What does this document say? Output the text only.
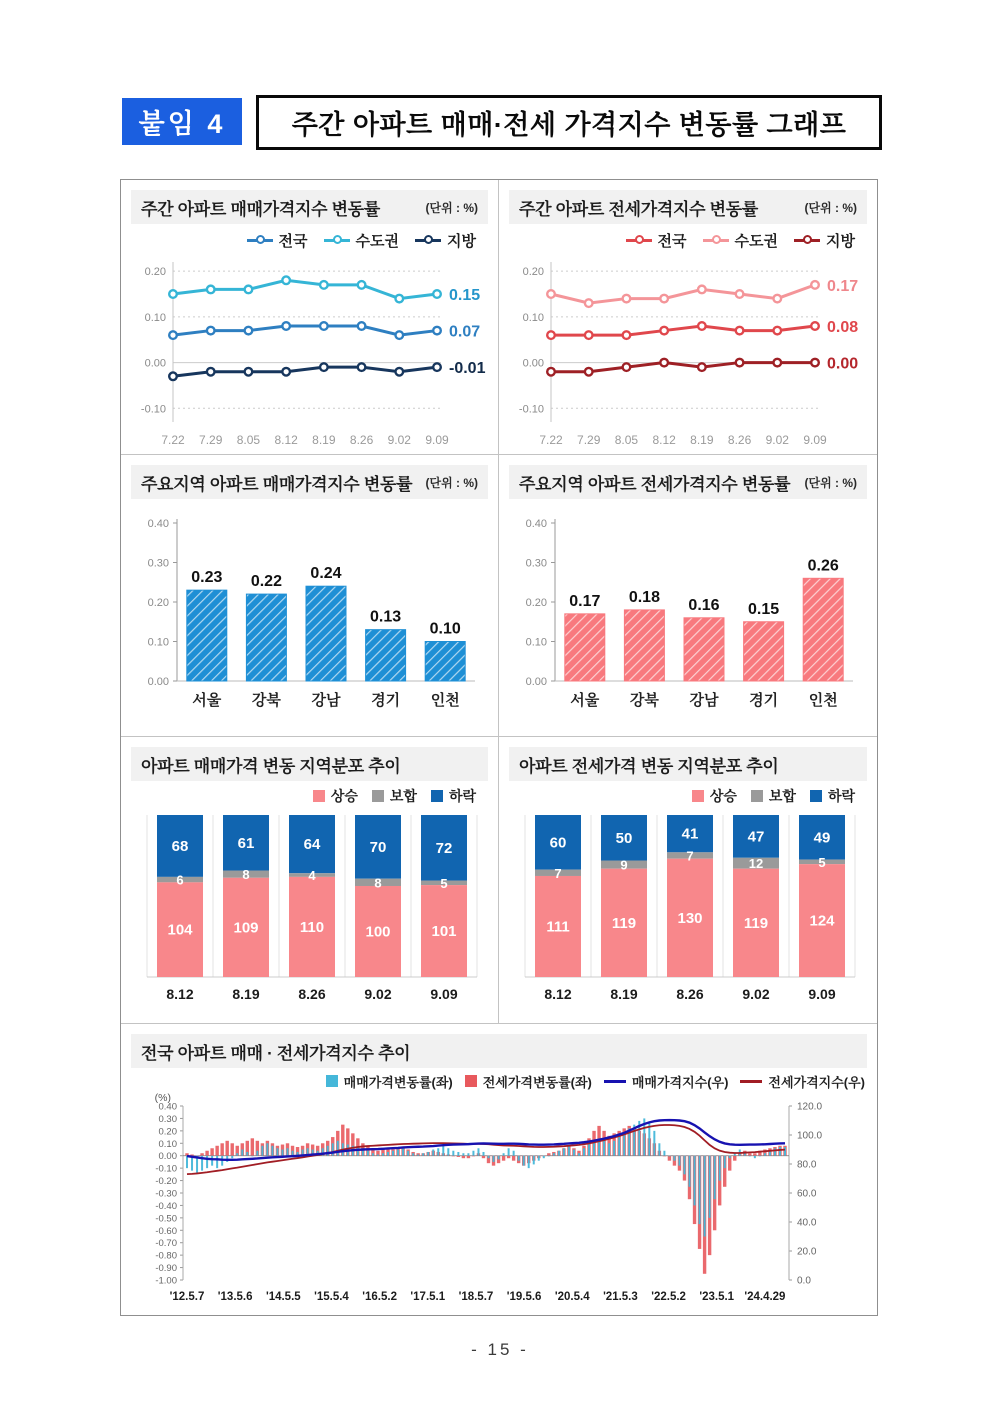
붙임 4	주간 아파트 매매·전세 가격지수 변동률 그래프
주간 아파트 매매가격지수 변동률	(단위 : %)
전국	수도권	지방
0.20
0.10
0.00
-0.10
7.22 7.29 8.05 8.12 8.19 8.26 9.02 9.09
0.07
0.15
-0.01
주간 아파트 전세가격지수 변동률	(단위 : %)
전국	수도권	지방
0.20
0.10
0.00
-0.10
7.22 7.29 8.05 8.12 8.19 8.26 9.02 9.09
0.08
0.17
0.00
주요지역 아파트 매매가격지수 변동률 (단위 : %)
0.40
0.30
0.20
0.10
0.00
0.23
서울
0.22
강북
0.24
강남
0.13
경기
0.10
인천
주요지역 아파트 전세가격지수 변동률 (단위 : %)
0.40
0.30
0.20
0.10
0.00
0.17
서울
0.18
강북
0.16
강남
0.15
경기
0.26
인천
아파트 매매가격 변동 지역분포 추이
상승 보합 하락
68
6
104
8.12
61
8
109
8.19
64
4
110
8.26
70
8
100
9.02
72
5
101
9.09
아파트 전세가격 변동 지역분포 추이
상승 보합 하락
60
7
111
8.12
50
9
119
8.19
41
7
130
8.26
47
12
119
9.02
49
5
124
9.09
전국 아파트 매매 · 전세가격지수 추이
매매가격변동률(좌) 전세가격변동률(좌)	매매가격지수(우)	전세가격지수(우)
(%)
0.40
0.30
0.20
0.10
0.00
-0.10
-0.20
-0.30
-0.40
-0.50
-0.60
-0.70
-0.80
-0.90
-1.00
120.0
100.0
80.0
60.0
40.0
20.0
0.0
'12.5.7 '13.5.6 '14.5.5 '15.5.4 '16.5.2 '17.5.1 '18.5.7 '19.5.6 '20.5.4 '21.5.3 '22.5.2 '23.5.1 '24.4.29
- 15 -
